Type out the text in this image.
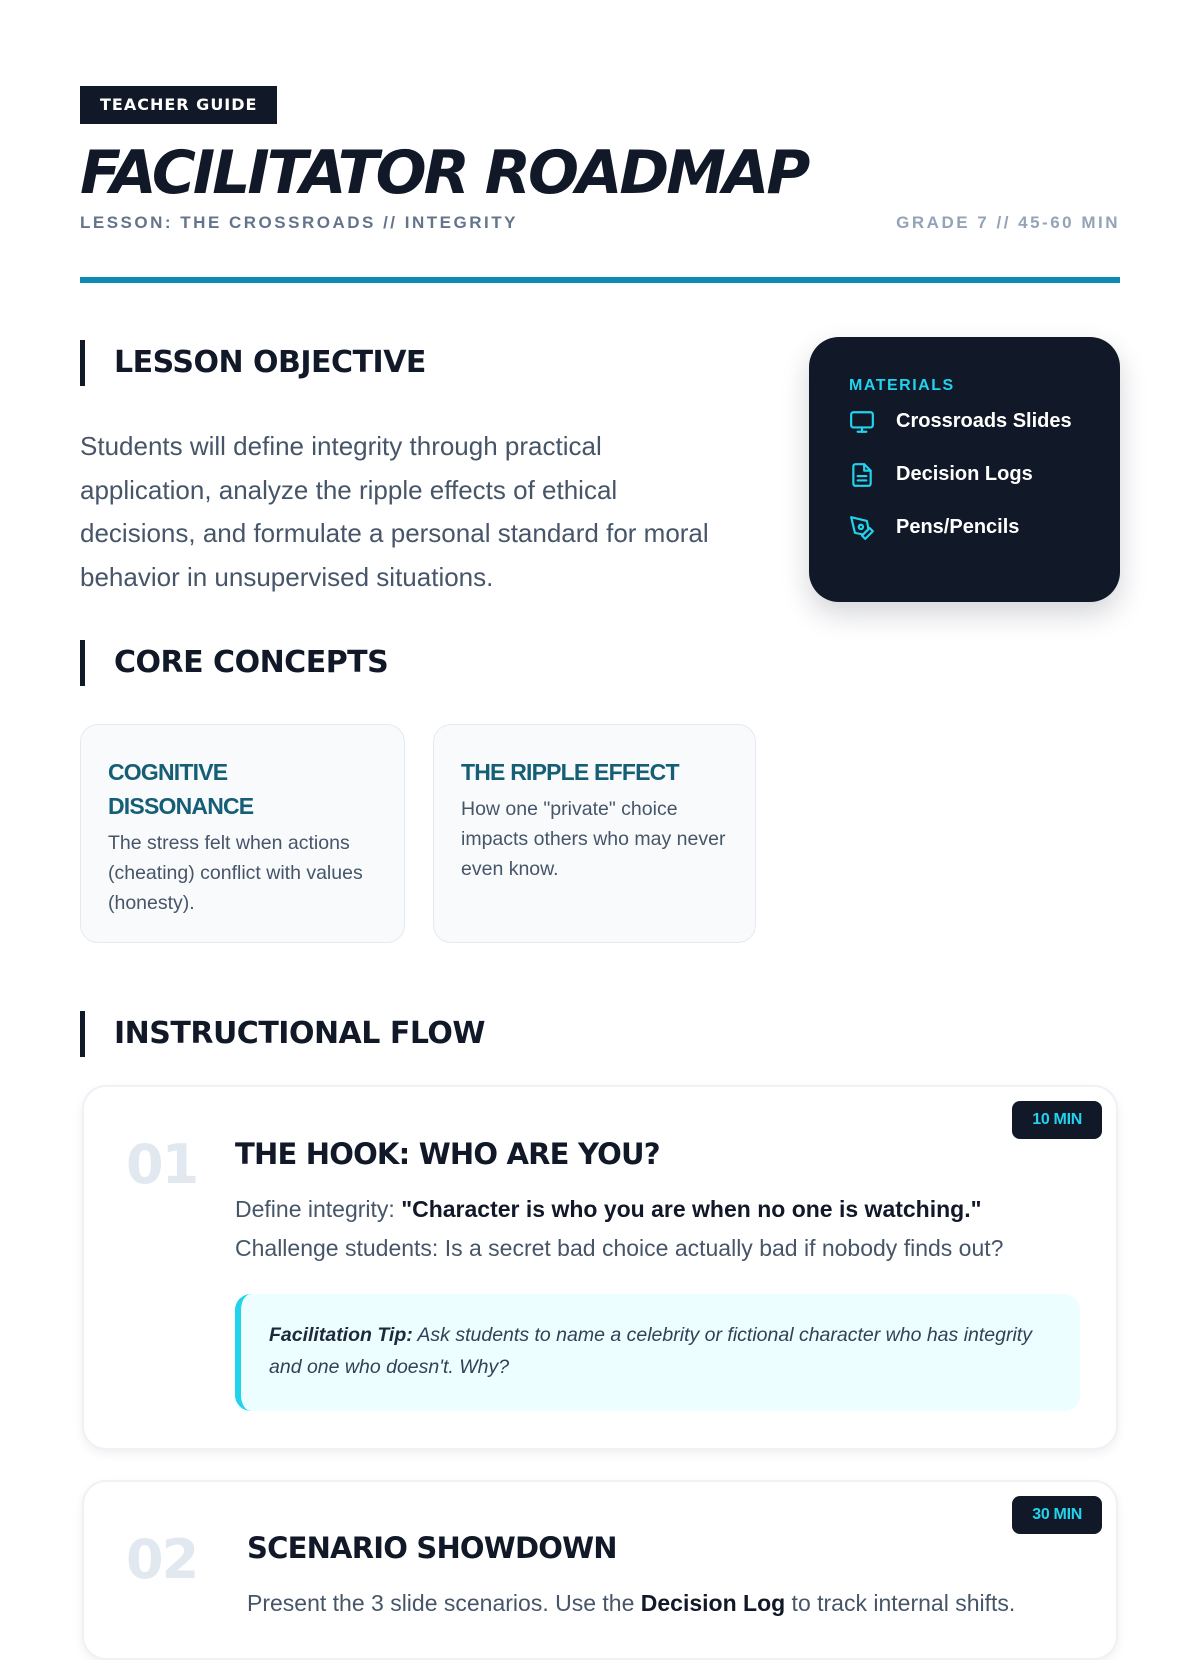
TEACHER GUIDE
FACILITATOR ROADMAP
LESSON: THE CROSSROADS // INTEGRITY	GRADE 7 // 45-60 MIN
LESSON OBJECTIVE

Students will define integrity through practical application, analyze the ripple effects of ethical decisions, and formulate a personal standard for moral behavior in unsupervised situations.

MATERIALS
Crossroads Slides
Decision Logs
Pens/Pencils
CORE CONCEPTS
COGNITIVE DISSONANCE
The stress felt when actions (cheating) conflict with values (honesty).
THE RIPPLE EFFECT
How one "private" choice impacts others who may never even know.
INSTRUCTIONAL FLOW
01
10 MIN
THE HOOK: WHO ARE YOU?
Define integrity: "Character is who you are when no one is watching."
Challenge students: Is a secret bad choice actually bad if nobody finds out?
Facilitation Tip: Ask students to name a celebrity or fictional character who has integrity and one who doesn't. Why?
02
30 MIN
SCENARIO SHOWDOWN
Present the 3 slide scenarios. Use the Decision Log to track internal shifts.
